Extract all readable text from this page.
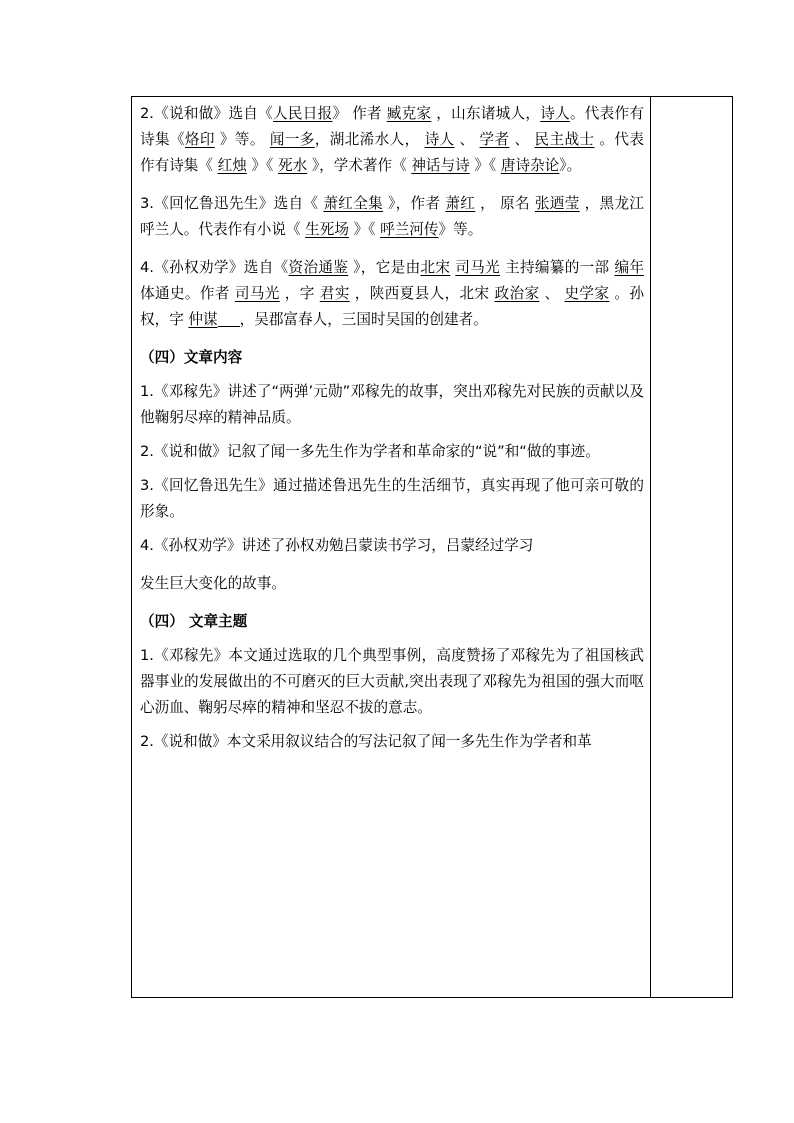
2.《说和做》选自《人民日报》 作者 臧克家 ，山东诸城人，诗人。代表作有诗集《烙印 》等。 闻一多，湖北浠水人， 诗人 、 学者 、 民主战士 。代表作有诗集《 红烛 》《 死水 》，学术著作《 神话与诗 》《 唐诗杂论》。

3.《回忆鲁迅先生》选自《 萧红全集 》，作者 萧红 ， 原名 张迺莹 ，黑龙江呼兰人。代表作有小说《 生死场 》《 呼兰河传》等。

4.《孙权劝学》选自《资治通鉴 》，它是由北宋 司马光 主持编纂的一部 编年 体通史。作者 司马光 ，字 君实 ，陕西夏县人，北宋 政治家 、 史学家 。孙权，字 仲谋 ，吴郡富春人，三国时吴国的创建者。

（四）文章内容

1.《邓稼先》讲述了“两弹’元勋”邓稼先的故事，突出邓稼先对民族的贡献以及他鞠躬尽瘁的精神品质。

2.《说和做》记叙了闻一多先生作为学者和革命家的“说”和“做的事迹。

3.《回忆鲁迅先生》通过描述鲁迅先生的生活细节，真实再现了他可亲可敬的形象。

4.《孙权劝学》讲述了孙权劝勉吕蒙读书学习，吕蒙经过学习

发生巨大变化的故事。

（四） 文章主题

1.《邓稼先》本文通过选取的几个典型事例，高度赞扬了邓稼先为了祖国核武器事业的发展做出的不可磨灭的巨大贡献,突出表现了邓稼先为祖国的强大而呕心沥血、鞠躬尽瘁的精神和坚忍不拔的意志。

2.《说和做》本文采用叙议结合的写法记叙了闻一多先生作为学者和革
